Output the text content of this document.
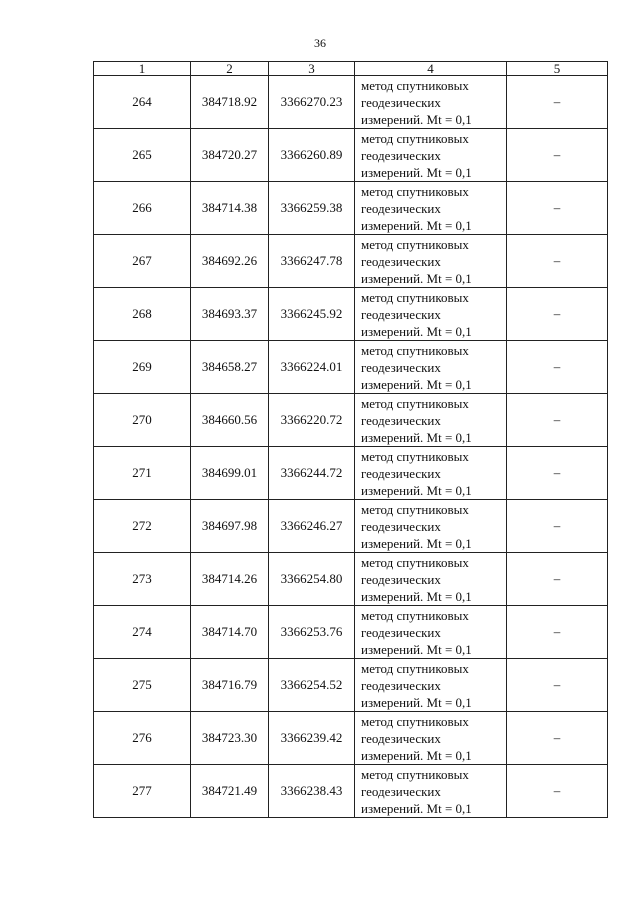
36
1	2	3	4	5
264	384718.92	3366270.23	метод спутниковых
геодезических
измерений. Mt = 0,1	–
265	384720.27	3366260.89	метод спутниковых
геодезических
измерений. Mt = 0,1	–
266	384714.38	3366259.38	метод спутниковых
геодезических
измерений. Mt = 0,1	–
267	384692.26	3366247.78	метод спутниковых
геодезических
измерений. Mt = 0,1	–
268	384693.37	3366245.92	метод спутниковых
геодезических
измерений. Mt = 0,1	–
269	384658.27	3366224.01	метод спутниковых
геодезических
измерений. Mt = 0,1	–
270	384660.56	3366220.72	метод спутниковых
геодезических
измерений. Mt = 0,1	–
271	384699.01	3366244.72	метод спутниковых
геодезических
измерений. Mt = 0,1	–
272	384697.98	3366246.27	метод спутниковых
геодезических
измерений. Mt = 0,1	–
273	384714.26	3366254.80	метод спутниковых
геодезических
измерений. Mt = 0,1	–
274	384714.70	3366253.76	метод спутниковых
геодезических
измерений. Mt = 0,1	–
275	384716.79	3366254.52	метод спутниковых
геодезических
измерений. Mt = 0,1	–
276	384723.30	3366239.42	метод спутниковых
геодезических
измерений. Mt = 0,1	–
277	384721.49	3366238.43	метод спутниковых
геодезических
измерений. Mt = 0,1	–
